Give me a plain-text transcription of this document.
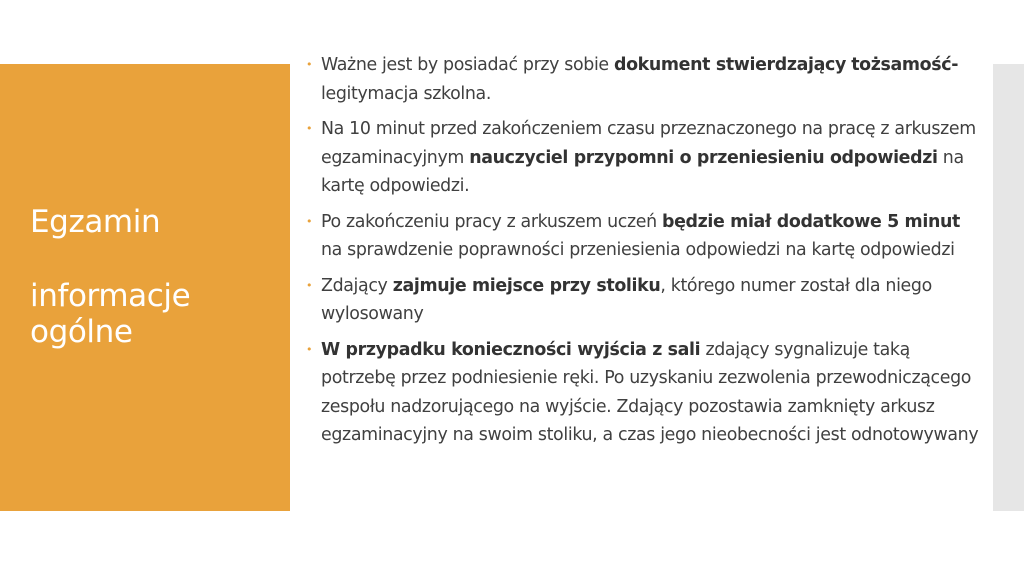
Egzamin
informacje
ogólne
• Ważne jest by posiadać przy sobie dokument stwierdzający tożsamość- legitymacja szkolna.
• Na 10 minut przed zakończeniem czasu przeznaczonego na pracę z arkuszem egzaminacyjnym nauczyciel przypomni o przeniesieniu odpowiedzi na kartę odpowiedzi.
• Po zakończeniu pracy z arkuszem uczeń będzie miał dodatkowe 5 minut na sprawdzenie poprawności przeniesienia odpowiedzi na kartę odpowiedzi
• Zdający zajmuje miejsce przy stoliku, którego numer został dla niego wylosowany
• W przypadku konieczności wyjścia z sali zdający sygnalizuje taką potrzebę przez podniesienie ręki. Po uzyskaniu zezwolenia przewodniczącego zespołu nadzorującego na wyjście. Zdający pozostawia zamknięty arkusz egzaminacyjny na swoim stoliku, a czas jego nieobecności jest odnotowywany
